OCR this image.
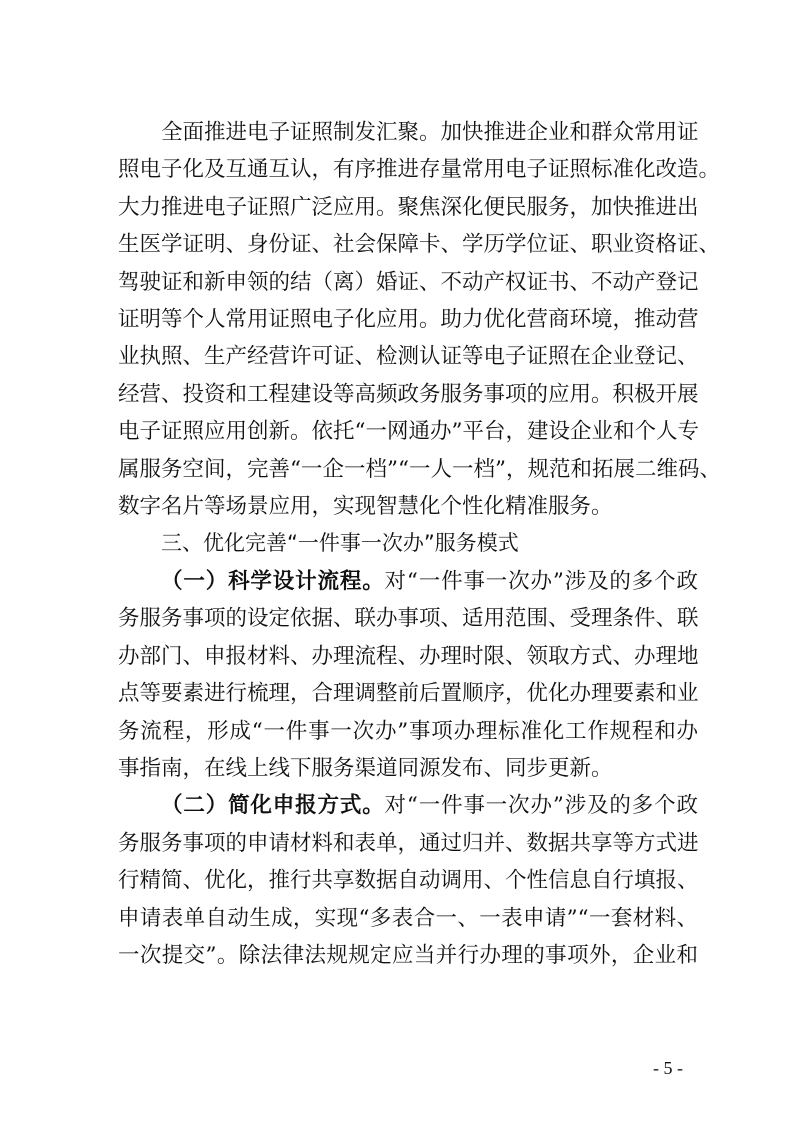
全面推进电子证照制发汇聚。加快推进企业和群众常用证

照电子化及互通互认，有序推进存量常用电子证照标准化改造。

大力推进电子证照广泛应用。聚焦深化便民服务，加快推进出

生医学证明、身份证、社会保障卡、学历学位证、职业资格证、

驾驶证和新申领的结（离）婚证、不动产权证书、不动产登记

证明等个人常用证照电子化应用。助力优化营商环境，推动营

业执照、生产经营许可证、检测认证等电子证照在企业登记、

经营、投资和工程建设等高频政务服务事项的应用。积极开展

电子证照应用创新。依托“一网通办”平台，建设企业和个人专

属服务空间，完善“一企一档”“一人一档”，规范和拓展二维码、

数字名片等场景应用，实现智慧化个性化精准服务。

三、优化完善“一件事一次办”服务模式

（一）科学设计流程。对“一件事一次办”涉及的多个政

务服务事项的设定依据、联办事项、适用范围、受理条件、联

办部门、申报材料、办理流程、办理时限、领取方式、办理地

点等要素进行梳理，合理调整前后置顺序，优化办理要素和业

务流程，形成“一件事一次办”事项办理标准化工作规程和办

事指南，在线上线下服务渠道同源发布、同步更新。

（二）简化申报方式。对“一件事一次办”涉及的多个政

务服务事项的申请材料和表单，通过归并、数据共享等方式进

行精简、优化，推行共享数据自动调用、个性信息自行填报、

申请表单自动生成，实现“多表合一、一表申请”“一套材料、

一次提交”。除法律法规规定应当并行办理的事项外，企业和

- 5 -
